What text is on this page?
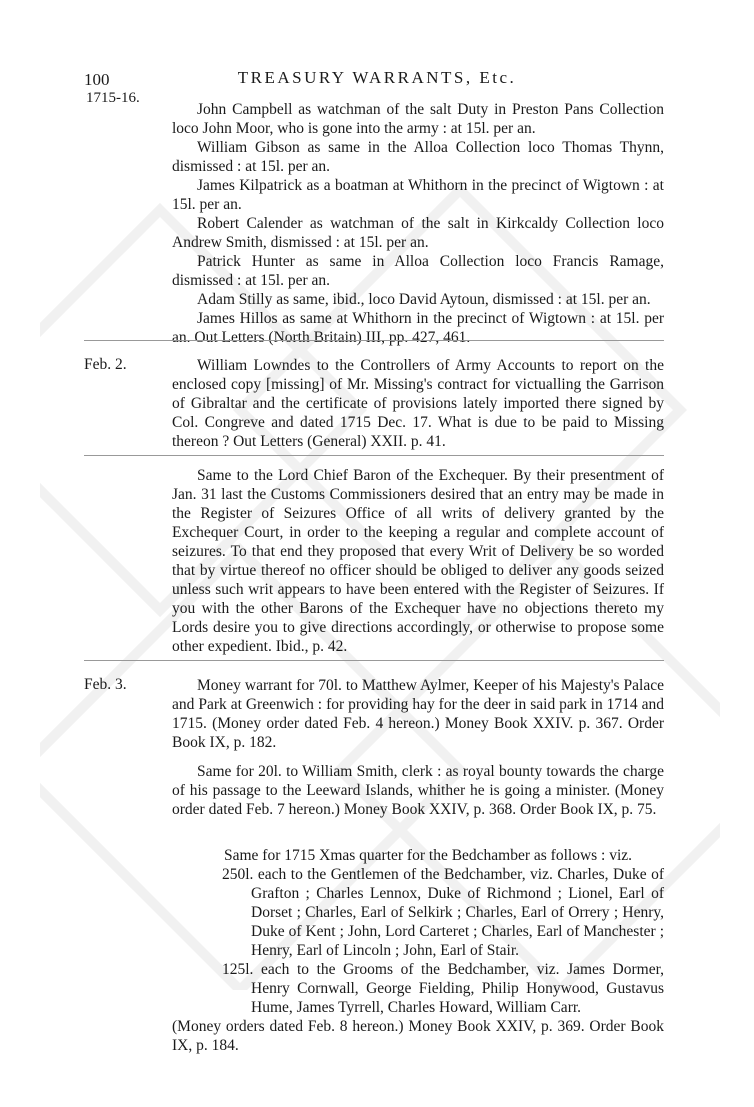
100	TREASURY WARRANTS, Etc.
1715-16.

John Campbell as watchman of the salt Duty in Preston Pans Collection loco John Moor, who is gone into the army : at 15l. per an.

William Gibson as same in the Alloa Collection loco Thomas Thynn, dismissed : at 15l. per an.

James Kilpatrick as a boatman at Whithorn in the precinct of Wigtown : at 15l. per an.

Robert Calender as watchman of the salt in Kirkcaldy Collection loco Andrew Smith, dismissed : at 15l. per an.

Patrick Hunter as same in Alloa Collection loco Francis Ramage, dismissed : at 15l. per an.

Adam Stilly as same, ibid., loco David Aytoun, dismissed : at 15l. per an.

James Hillos as same at Whithorn in the precinct of Wigtown : at 15l. per an. Out Letters (North Britain) III, pp. 427, 461.

Feb. 2.	William Lowndes to the Controllers of Army Accounts to report on the enclosed copy [missing] of Mr. Missing's contract for victualling the Garrison of Gibraltar and the certificate of provisions lately imported there signed by Col. Congreve and dated 1715 Dec. 17. What is due to be paid to Missing thereon ? Out Letters (General) XXII. p. 41.

Same to the Lord Chief Baron of the Exchequer. By their presentment of Jan. 31 last the Customs Commissioners desired that an entry may be made in the Register of Seizures Office of all writs of delivery granted by the Exchequer Court, in order to the keeping a regular and complete account of seizures. To that end they proposed that every Writ of Delivery be so worded that by virtue thereof no officer should be obliged to deliver any goods seized unless such writ appears to have been entered with the Register of Seizures. If you with the other Barons of the Exchequer have no objections thereto my Lords desire you to give directions accordingly, or otherwise to propose some other expedient. Ibid., p. 42.

Feb. 3.	Money warrant for 70l. to Matthew Aylmer, Keeper of his Majesty's Palace and Park at Greenwich : for providing hay for the deer in said park in 1714 and 1715. (Money order dated Feb. 4 hereon.) Money Book XXIV. p. 367. Order Book IX, p. 182.

Same for 20l. to William Smith, clerk : as royal bounty towards the charge of his passage to the Leeward Islands, whither he is going a minister. (Money order dated Feb. 7 hereon.) Money Book XXIV, p. 368. Order Book IX, p. 75.

Same for 1715 Xmas quarter for the Bedchamber as follows : viz.

250l. each to the Gentlemen of the Bedchamber, viz. Charles, Duke of Grafton ; Charles Lennox, Duke of Richmond ; Lionel, Earl of Dorset ; Charles, Earl of Selkirk ; Charles, Earl of Orrery ; Henry, Duke of Kent ; John, Lord Carteret ; Charles, Earl of Manchester ; Henry, Earl of Lincoln ; John, Earl of Stair.

125l. each to the Grooms of the Bedchamber, viz. James Dormer, Henry Cornwall, George Fielding, Philip Honywood, Gustavus Hume, James Tyrrell, Charles Howard, William Carr.

(Money orders dated Feb. 8 hereon.) Money Book XXIV, p. 369. Order Book IX, p. 184.
